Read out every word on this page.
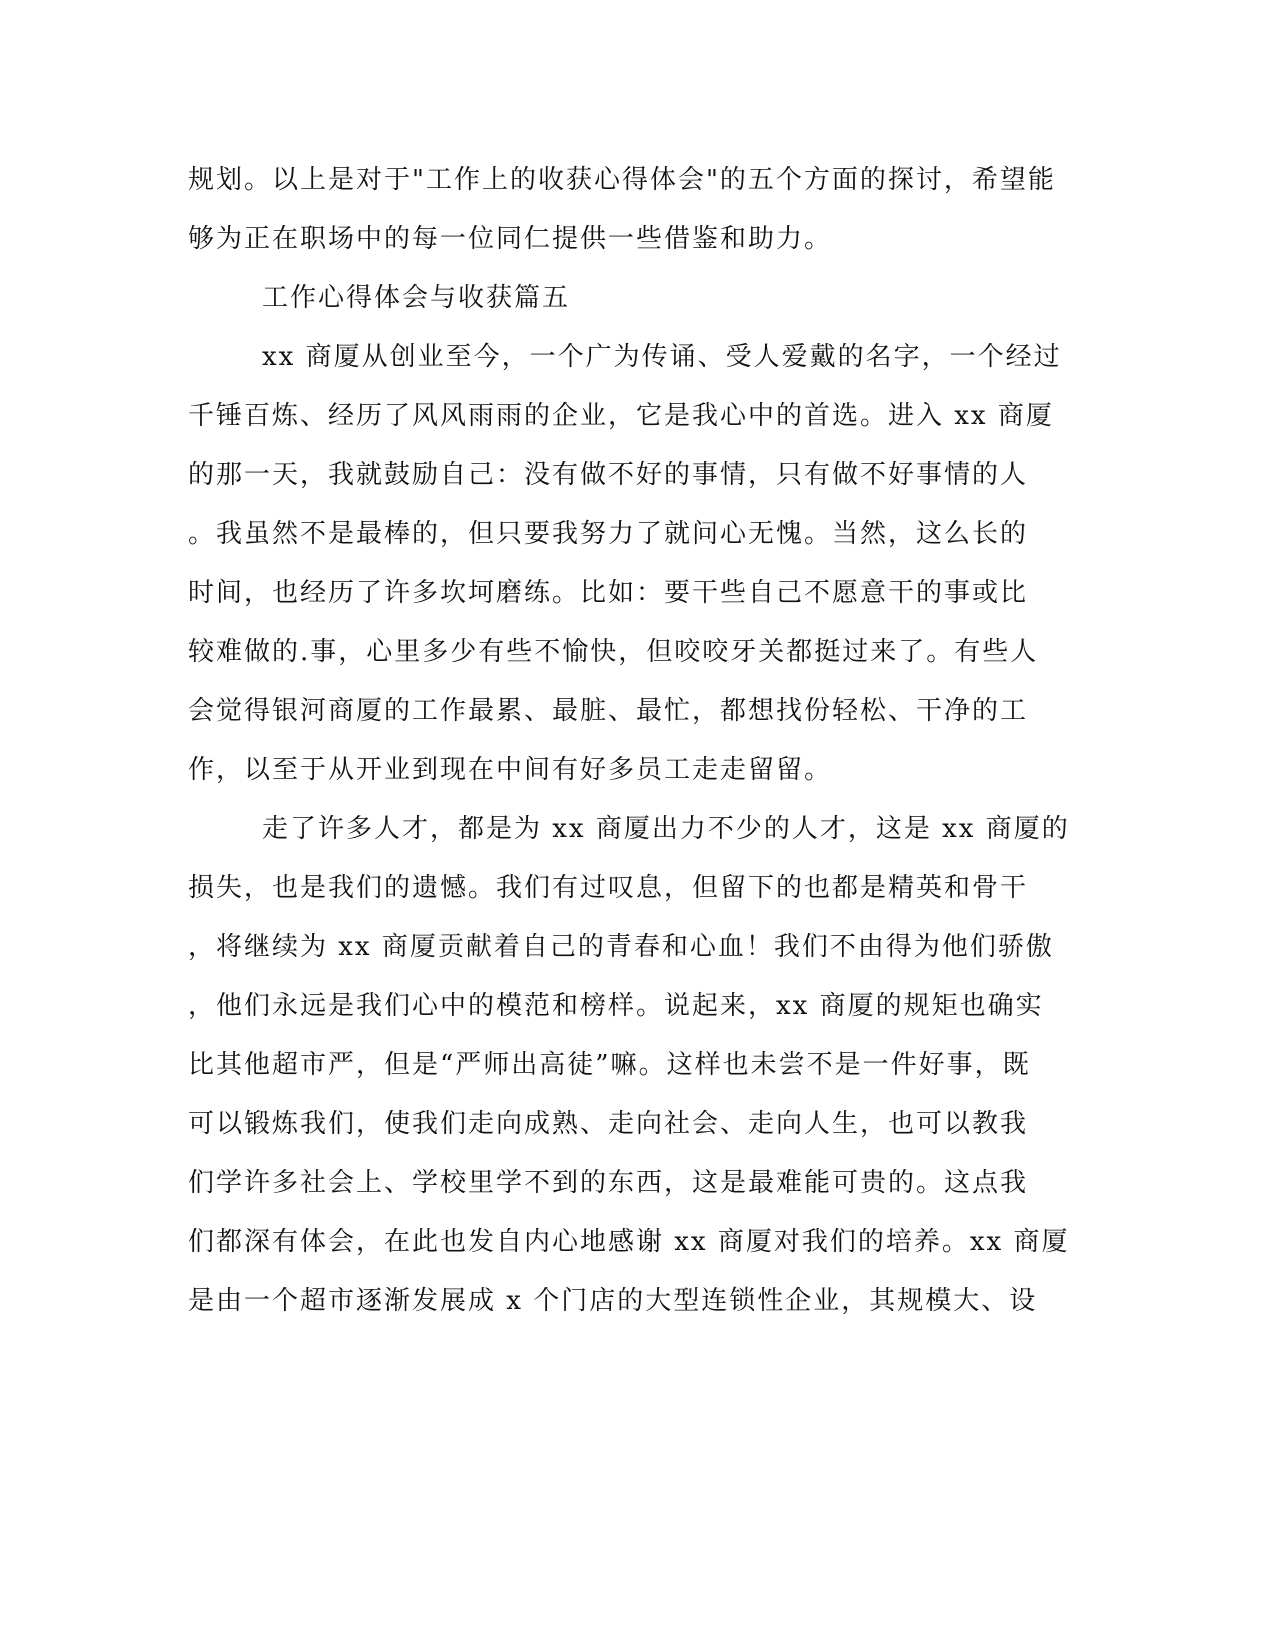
规划。以上是对于"工作上的收获心得体会"的五个方面的探讨，希望能
够为正在职场中的每一位同仁提供一些借鉴和助力。
工作心得体会与收获篇五
xx 商厦从创业至今，一个广为传诵、受人爱戴的名字，一个经过
千锤百炼、经历了风风雨雨的企业，它是我心中的首选。进入 xx 商厦
的那一天，我就鼓励自己：没有做不好的事情，只有做不好事情的人
。我虽然不是最棒的，但只要我努力了就问心无愧。当然，这么长的
时间，也经历了许多坎坷磨练。比如：要干些自己不愿意干的事或比
较难做的.事，心里多少有些不愉快，但咬咬牙关都挺过来了。有些人
会觉得银河商厦的工作最累、最脏、最忙，都想找份轻松、干净的工
作，以至于从开业到现在中间有好多员工走走留留。
走了许多人才，都是为 xx 商厦出力不少的人才，这是 xx 商厦的
损失，也是我们的遗憾。我们有过叹息，但留下的也都是精英和骨干
，将继续为 xx 商厦贡献着自己的青春和心血！我们不由得为他们骄傲
，他们永远是我们心中的模范和榜样。说起来，xx 商厦的规矩也确实
比其他超市严，但是“严师出高徒”嘛。这样也未尝不是一件好事，既
可以锻炼我们，使我们走向成熟、走向社会、走向人生，也可以教我
们学许多社会上、学校里学不到的东西，这是最难能可贵的。这点我
们都深有体会，在此也发自内心地感谢 xx 商厦对我们的培养。xx 商厦
是由一个超市逐渐发展成 x 个门店的大型连锁性企业，其规模大、设
